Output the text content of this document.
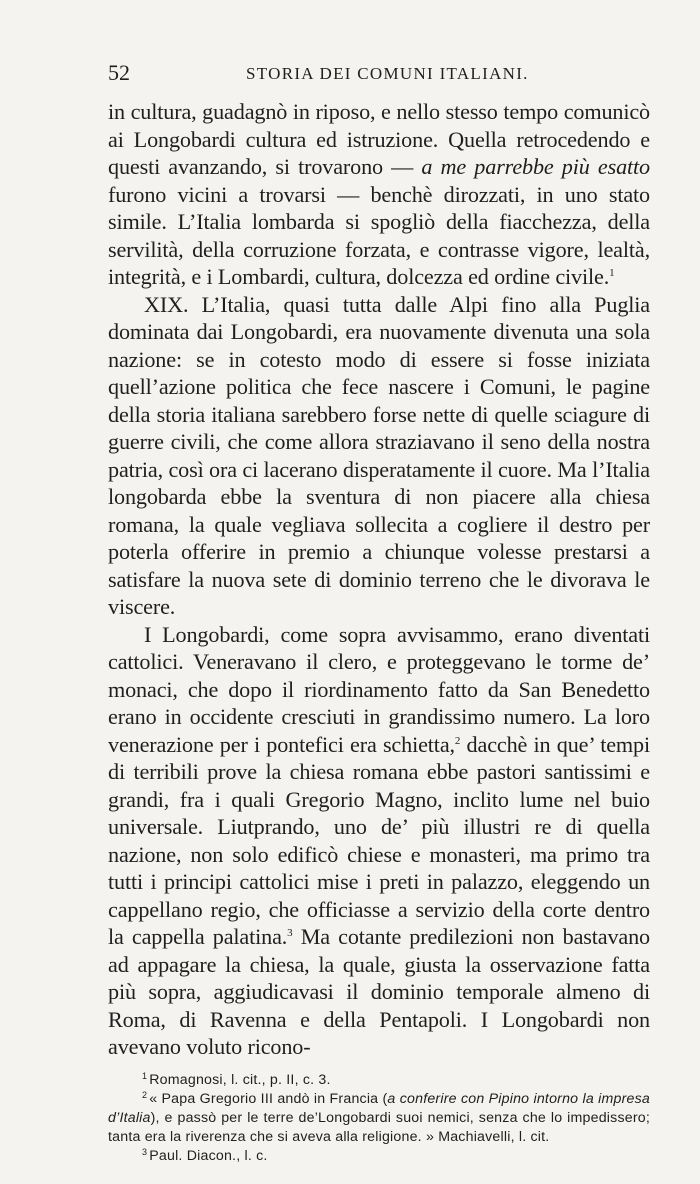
52	STORIA DEI COMUNI ITALIANI.

in cultura, guadagnò in riposo, e nello stesso tempo comunicò ai Longobardi cultura ed istruzione. Quella retrocedendo e questi avanzando, si trovarono — a me parrebbe più esatto furono vicini a trovarsi — benchè dirozzati, in uno stato simile. L’Italia lombarda si spogliò della fiacchezza, della servilità, della corruzione forzata, e contrasse vigore, lealtà, integrità, e i Lombardi, cultura, dolcezza ed ordine civile.$^1$

XIX. L’Italia, quasi tutta dalle Alpi fino alla Puglia dominata dai Longobardi, era nuovamente divenuta una sola nazione: se in cotesto modo di essere si fosse iniziata quell’azione politica che fece nascere i Comuni, le pagine della storia italiana sarebbero forse nette di quelle sciagure di guerre civili, che come allora straziavano il seno della nostra patria, così ora ci lacerano disperatamente il cuore. Ma l’Italia longobarda ebbe la sventura di non piacere alla chiesa romana, la quale vegliava sollecita a cogliere il destro per poterla offerire in premio a chiunque volesse prestarsi a satisfare la nuova sete di dominio terreno che le divorava le viscere.

I Longobardi, come sopra avvisammo, erano diventati cattolici. Veneravano il clero, e proteggevano le torme de’ monaci, che dopo il riordinamento fatto da San Benedetto erano in occidente cresciuti in grandissimo numero. La loro venerazione per i pontefici era schietta,$^2$ dacchè in que’ tempi di terribili prove la chiesa romana ebbe pastori santissimi e grandi, fra i quali Gregorio Magno, inclito lume nel buio universale. Liutprando, uno de’ più illustri re di quella nazione, non solo edificò chiese e monasteri, ma primo tra tutti i principi cattolici mise i preti in palazzo, eleggendo un cappellano regio, che officiasse a servizio della corte dentro la cappella palatina.$^3$ Ma cotante predilezioni non bastavano ad appagare la chiesa, la quale, giusta la osservazione fatta più sopra, aggiudicavasi il dominio temporale almeno di Roma, di Ravenna e della Pentapoli. I Longobardi non avevano voluto ricono-

$^1$ Romagnosi, l. cit., p. II, c. 3.

$^2$ « Papa Gregorio III andò in Francia (a conferire con Pipino intorno la impresa d’Italia), e passò per le terre de’Longobardi suoi nemici, senza che lo impedissero; tanta era la riverenza che si aveva alla religione. » Machiavelli, l. cit.

$^3$ Paul. Diacon., l. c.
